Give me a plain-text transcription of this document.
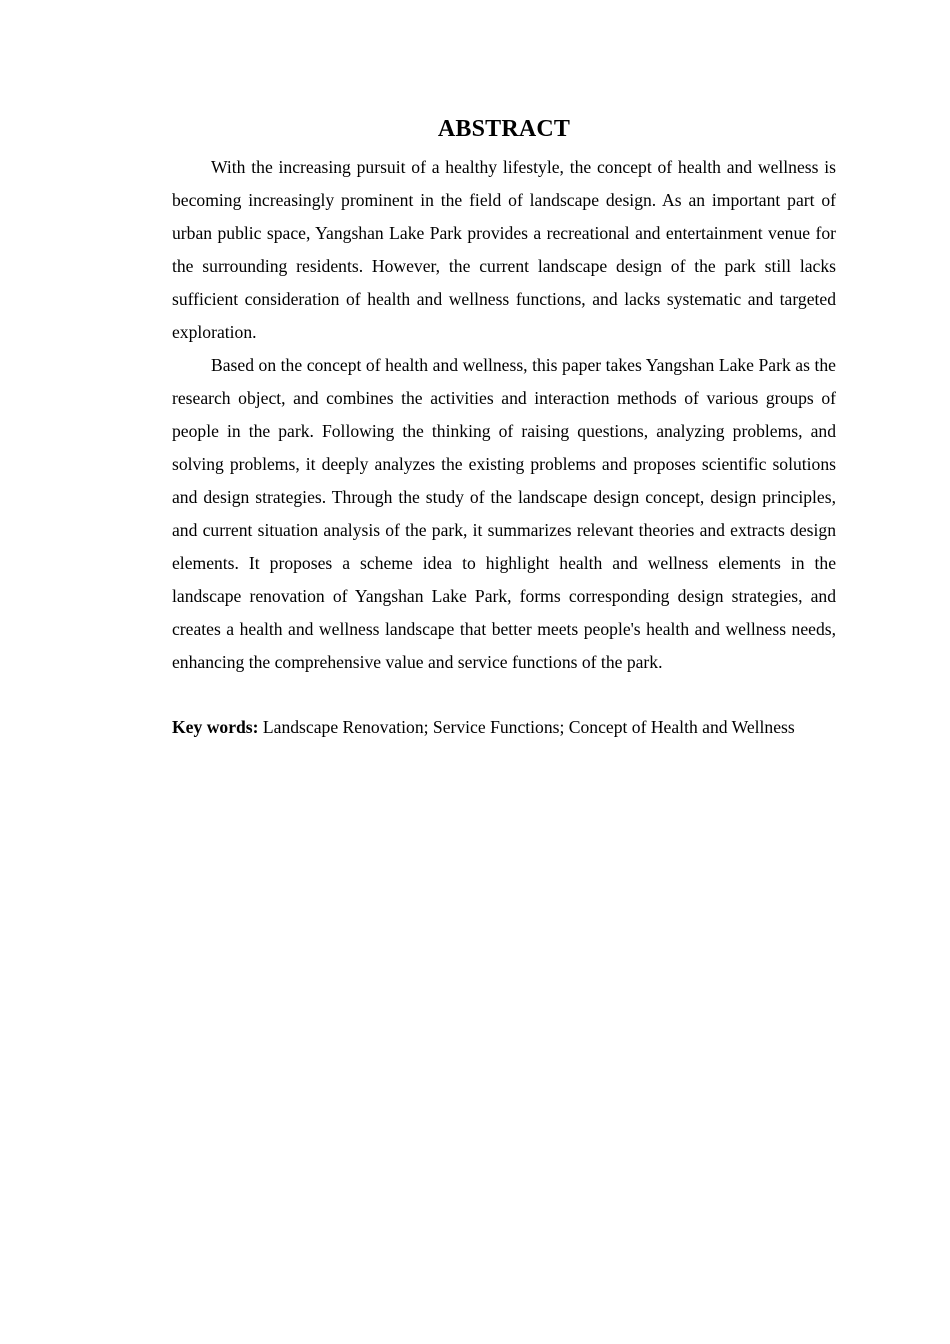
ABSTRACT

With the increasing pursuit of a healthy lifestyle, the concept of health and wellness is becoming increasingly prominent in the field of landscape design. As an important part of urban public space, Yangshan Lake Park provides a recreational and entertainment venue for the surrounding residents. However, the current landscape design of the park still lacks sufficient consideration of health and wellness functions, and lacks systematic and targeted exploration.

Based on the concept of health and wellness, this paper takes Yangshan Lake Park as the research object, and combines the activities and interaction methods of various groups of people in the park. Following the thinking of raising questions, analyzing problems, and solving problems, it deeply analyzes the existing problems and proposes scientific solutions and design strategies. Through the study of the landscape design concept, design principles, and current situation analysis of the park, it summarizes relevant theories and extracts design elements. It proposes a scheme idea to highlight health and wellness elements in the landscape renovation of Yangshan Lake Park, forms corresponding design strategies, and creates a health and wellness landscape that better meets people's health and wellness needs, enhancing the comprehensive value and service functions of the park.

Key words: Landscape Renovation; Service Functions; Concept of Health and Wellness
